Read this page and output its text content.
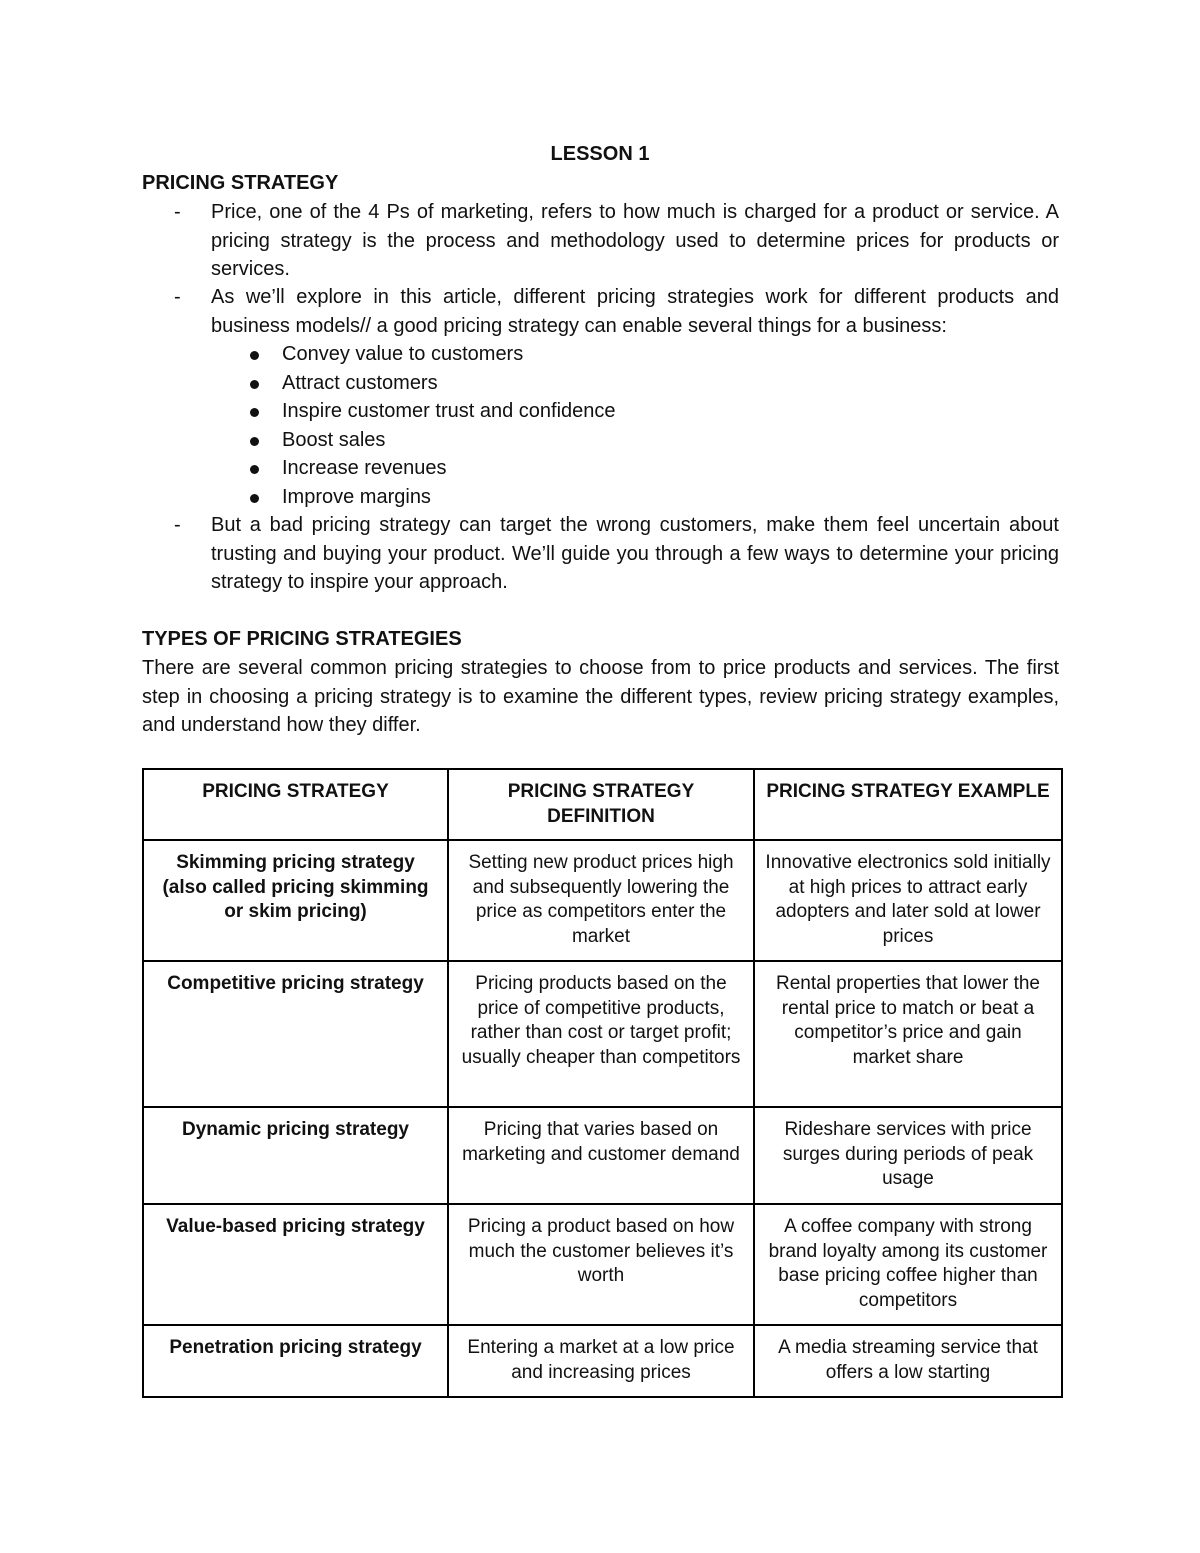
LESSON 1
PRICING STRATEGY
- Price, one of the 4 Ps of marketing, refers to how much is charged for a product or service. A pricing strategy is the process and methodology used to determine prices for products or services.
- As we’ll explore in this article, different pricing strategies work for different products and business models// a good pricing strategy can enable several things for a business:
Convey value to customers
Attract customers
Inspire customer trust and confidence
Boost sales
Increase revenues
Improve margins
- But a bad pricing strategy can target the wrong customers, make them feel uncertain about trusting and buying your product. We’ll guide you through a few ways to determine your pricing strategy to inspire your approach.
TYPES OF PRICING STRATEGIES
There are several common pricing strategies to choose from to price products and services. The first step in choosing a pricing strategy is to examine the different types, review pricing strategy examples, and understand how they differ.
PRICING STRATEGY	PRICING STRATEGY DEFINITION	PRICING STRATEGY EXAMPLE
Skimming pricing strategy (also called pricing skimming or skim pricing)	Setting new product prices high and subsequently lowering the price as competitors enter the market	Innovative electronics sold initially at high prices to attract early adopters and later sold at lower prices
Competitive pricing strategy	Pricing products based on the price of competitive products, rather than cost or target profit; usually cheaper than competitors	Rental properties that lower the rental price to match or beat a competitor’s price and gain market share
Dynamic pricing strategy	Pricing that varies based on marketing and customer demand	Rideshare services with price surges during periods of peak usage
Value-based pricing strategy	Pricing a product based on how much the customer believes it’s worth	A coffee company with strong brand loyalty among its customer base pricing coffee higher than competitors
Penetration pricing strategy	Entering a market at a low price and increasing prices	A media streaming service that offers a low starting
